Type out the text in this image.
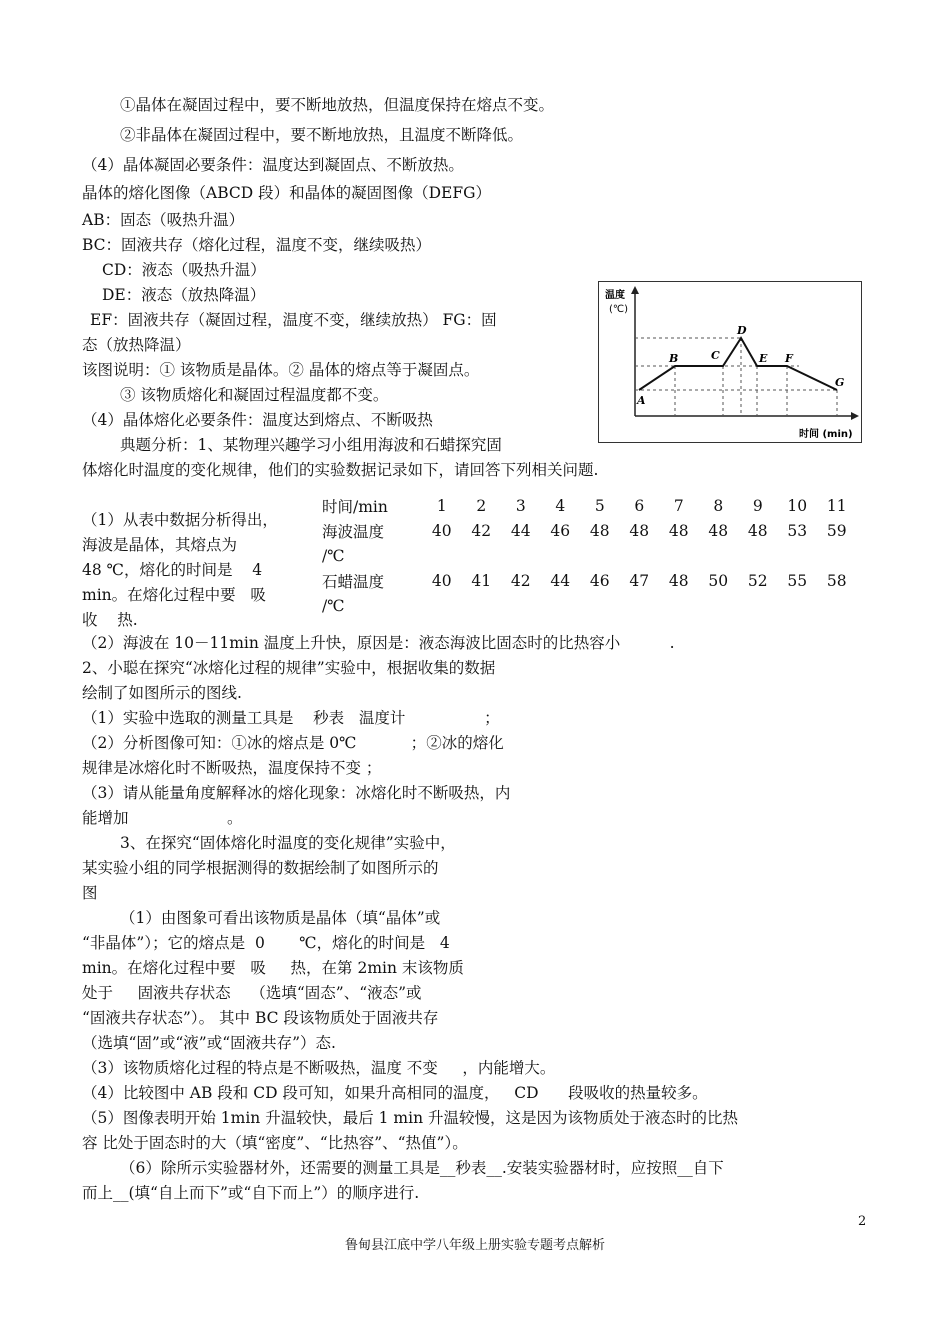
①晶体在凝固过程中，要不断地放热，但温度保持在熔点不变。
②非晶体在凝固过程中，要不断地放热，且温度不断降低。
（4）晶体凝固必要条件：温度达到凝固点、不断放热。
晶体的熔化图像（ABCD 段）和晶体的凝固图像（DEFG）
AB：固态（吸热升温）
BC：固液共存（熔化过程，温度不变，继续吸热）
CD：液态（吸热升温）
DE：液态（放热降温）
EF：固液共存（凝固过程，温度不变，继续放热） FG：固
态（放热降温）
该图说明：① 该物质是晶体。② 晶体的熔点等于凝固点。
③ 该物质熔化和凝固过程温度都不变。
（4）晶体熔化必要条件：温度达到熔点、不断吸热
典题分析：1、某物理兴趣学习小组用海波和石蜡探究固
体熔化时温度的变化规律，他们的实验数据记录如下，请回答下列相关问题.
（1）从表中数据分析得出，
海波是晶体，其熔点为
48 ℃，熔化的时间是    4
min。在熔化过程中要   吸
收    热.
（2）海波在 10－11min 温度上升快，原因是：液态海波比固态时的比热容小          .
2、小聪在探究“冰熔化过程的规律”实验中，根据收集的数据
绘制了如图所示的图线.
（1）实验中选取的测量工具是    秒表   温度计                ；
（2）分析图像可知：①冰的熔点是 0℃           ；②冰的熔化
规律是冰熔化时不断吸热，温度保持不变 ；
（3）请从能量角度解释冰的熔化现象：冰熔化时不断吸热，内
能增加                    。
3、在探究“固体熔化时温度的变化规律”实验中，
某实验小组的同学根据测得的数据绘制了如图所示的
图
（1）由图象可看出该物质是晶体（填“晶体”或
“非晶体”）；它的熔点是  0       ℃，熔化的时间是   4
min。在熔化过程中要   吸     热，在第 2min 末该物质
处于     固液共存状态    （选填“固态”、“液态”或
“固液共存状态”）。 其中 BC 段该物质处于固液共存
（选填“固”或“液”或“固液共存”）态.
（3）该物质熔化过程的特点是不断吸热，温度 不变     ，内能增大。
（4）比较图中 AB 段和 CD 段可知，如果升高相同的温度，   CD      段吸收的热量较多。
（5）图像表明开始 1min 升温较快，最后 1 min 升温较慢，这是因为该物质处于液态时的比热
容 比处于固态时的大（填“密度”、“比热容”、“热值”）。
（6）除所示实验器材外，还需要的测量工具是__秒表__.安装实验器材时，应按照__自下
而上__(填“自上而下”或“自下而上”）的顺序进行.
时间/min	1	2	3	4	5	6	7	8	9	10	11
海波温度	40	42	44	46	48	48	48	48	48	53	59
/℃											
石蜡温度	40	41	42	44	46	47	48	50	52	55	58
/℃											
温度
(℃)
A
B	C
D
E F
G
时间 (min)
2
鲁甸县江底中学八年级上册实验专题考点解析
